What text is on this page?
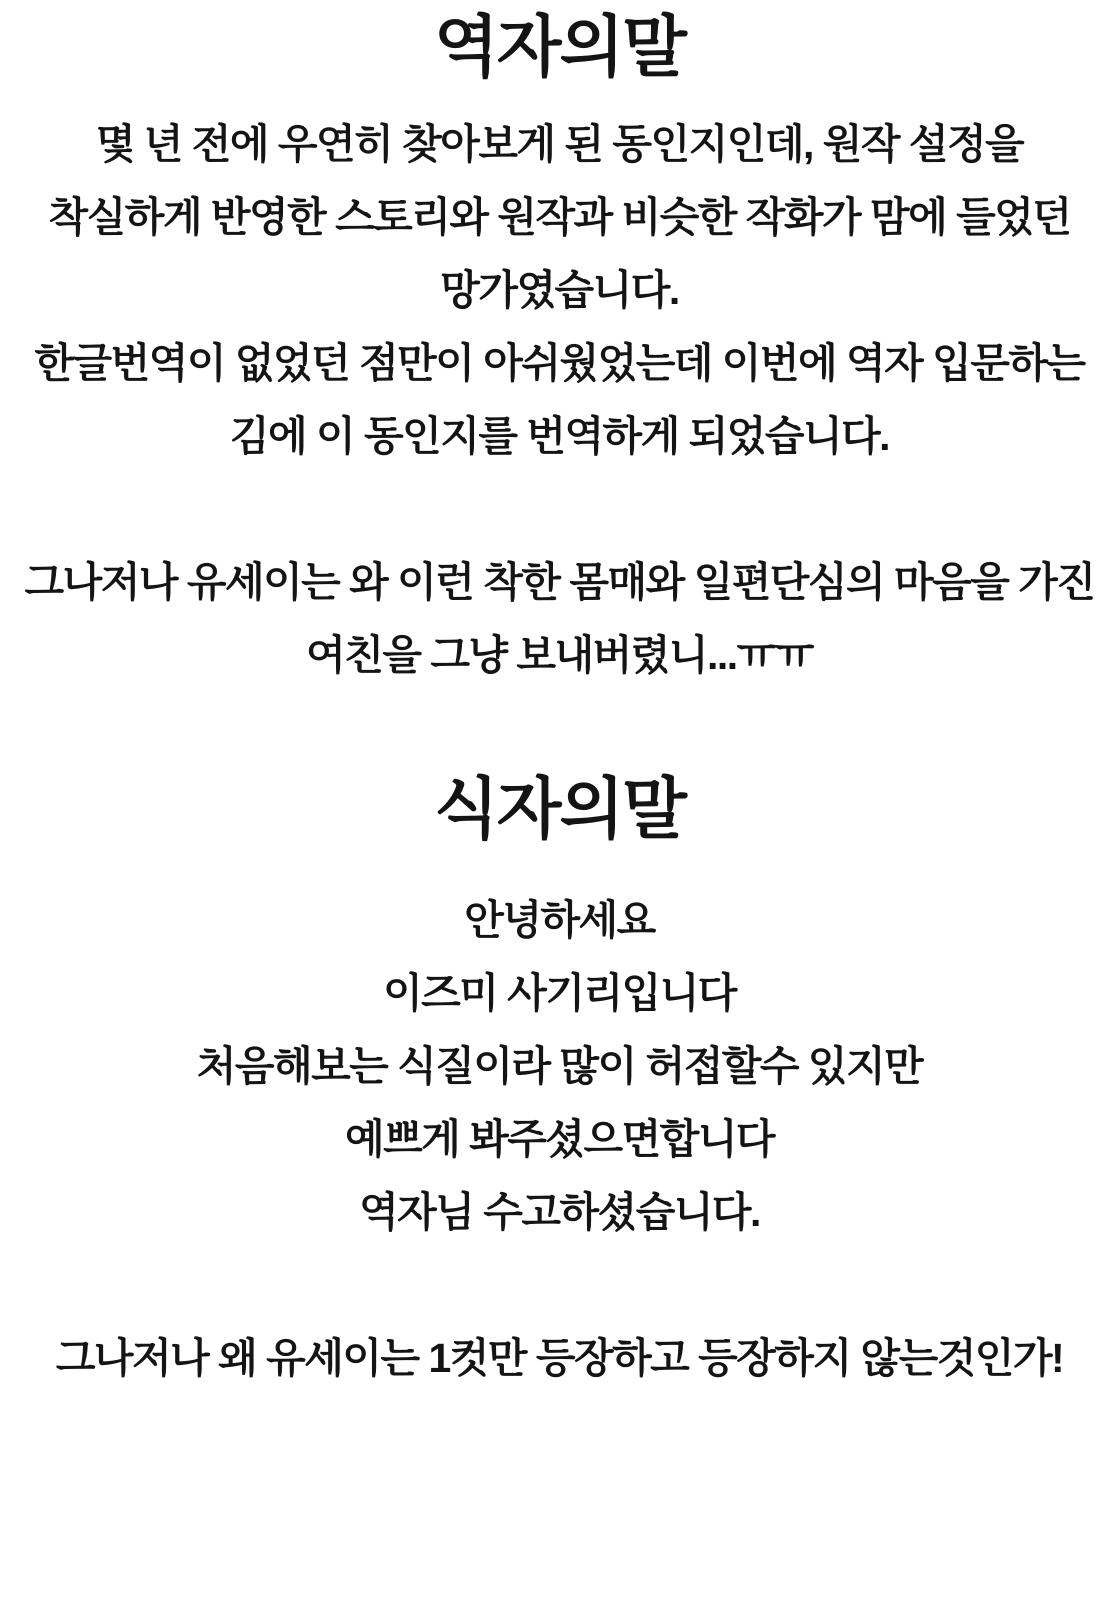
역자의말
몇 년 전에 우연히 찾아보게 된 동인지인데, 원작 설정을
착실하게 반영한 스토리와 원작과 비슷한 작화가 맘에 들었던
망가였습니다.
한글번역이 없었던 점만이 아쉬웠었는데 이번에 역자 입문하는
김에 이 동인지를 번역하게 되었습니다.

그나저나 유세이는 와 이런 착한 몸매와 일편단심의 마음을 가진
여친을 그냥 보내버렸니...ㅠㅠ
식자의말
안녕하세요
이즈미 사기리입니다
처음해보는 식질이라 많이 허접할수 있지만
예쁘게 봐주셨으면합니다
역자님 수고하셨습니다.

그나저나 왜 유세이는 1컷만 등장하고 등장하지 않는것인가!
